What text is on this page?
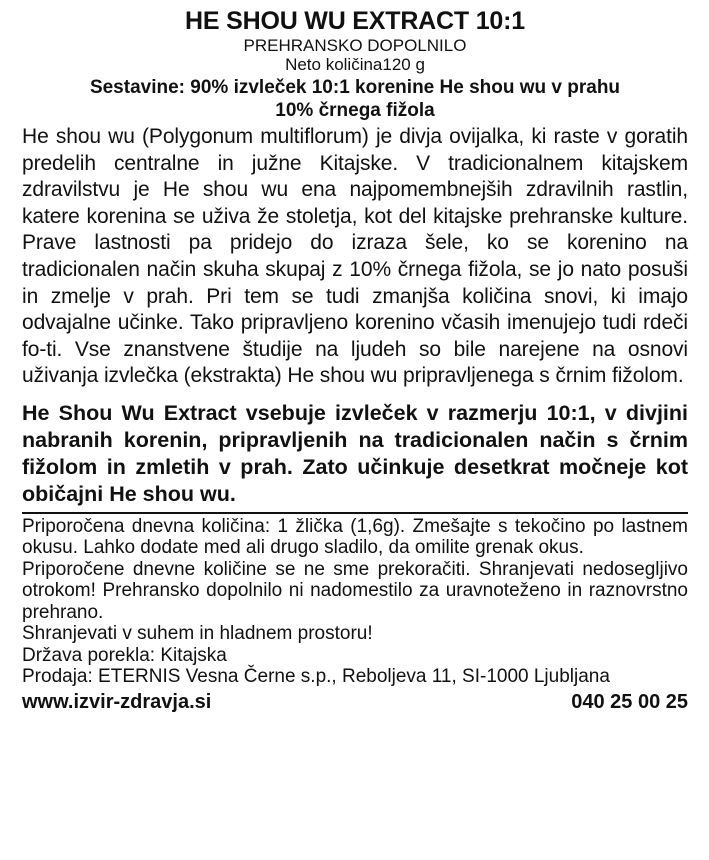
HE SHOU WU EXTRACT 10:1

PREHRANSKO DOPOLNILO

Neto količina120 g

Sestavine: 90% izvleček 10:1 korenine He shou wu v prahu

10% črnega fižola

He shou wu (Polygonum multiflorum) je divja ovijalka, ki raste v goratih predelih centralne in južne Kitajske. V tradicionalnem kitajskem zdravilstvu je He shou wu ena najpomembnejših zdravilnih rastlin, katere korenina se uživa že stoletja, kot del kitajske prehranske kulture. Prave lastnosti pa pridejo do izraza šele, ko se korenino na tradicionalen način skuha skupaj z 10% črnega fižola, se jo nato posuši in zmelje v prah. Pri tem se tudi zmanjša količina snovi, ki imajo odvajalne učinke. Tako pripravljeno korenino včasih imenujejo tudi rdeči fo-ti. Vse znanstvene študije na ljudeh so bile narejene na osnovi uživanja izvlečka (ekstrakta) He shou wu pripravljenega s črnim fižolom.

He Shou Wu Extract vsebuje izvleček v razmerju 10:1, v divjini nabranih korenin, pripravljenih na tradicionalen način s črnim fižolom in zmletih v prah. Zato učinkuje desetkrat močneje kot običajni He shou wu.

Priporočena dnevna količina: 1 žlička (1,6g). Zmešajte s tekočino po lastnem okusu. Lahko dodate med ali drugo sladilo, da omilite grenak okus.

Priporočene dnevne količine se ne sme prekoračiti. Shranjevati nedosegljivo otrokom! Prehransko dopolnilo ni nadomestilo za uravnoteženo in raznovrstno prehrano.

Shranjevati v suhem in hladnem prostoru!

Država porekla: Kitajska

Prodaja: ETERNIS Vesna Černe s.p., Reboljeva 11, SI-1000 Ljubljana

www.izvir-zdravja.si	040 25 00 25
